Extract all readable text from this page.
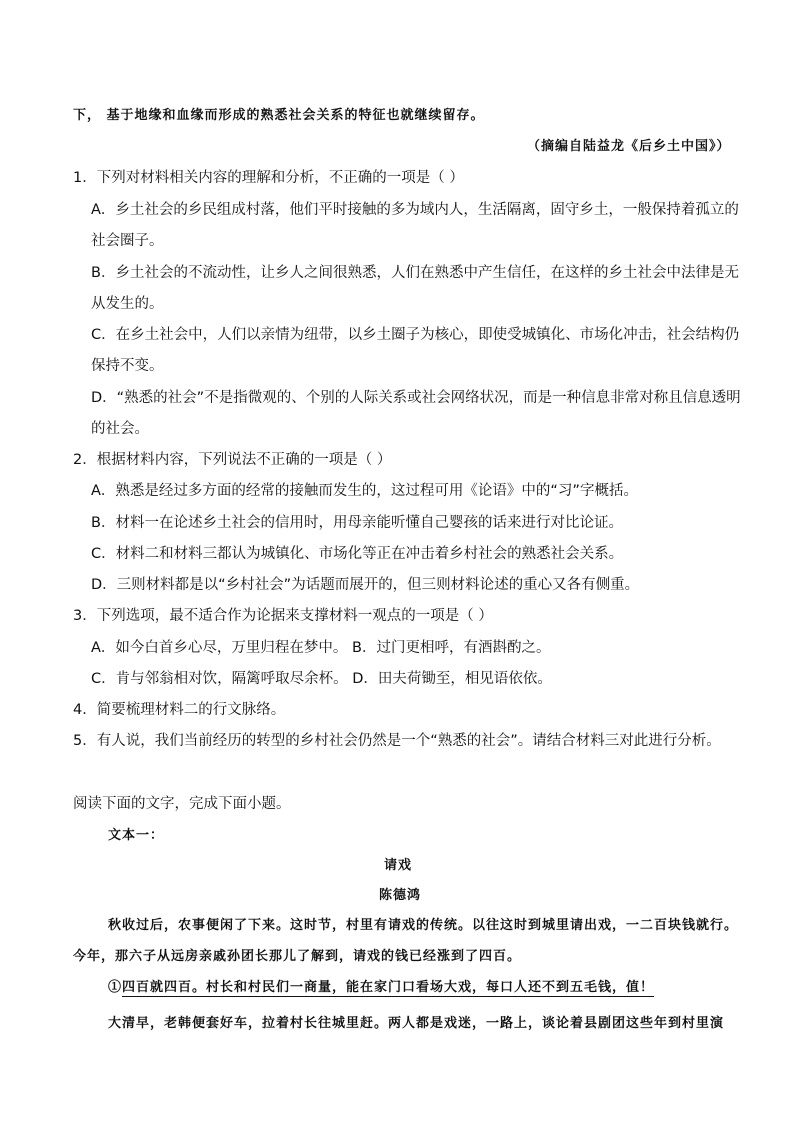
下， 基于地缘和血缘而形成的熟悉社会关系的特征也就继续留存。
（摘编自陆益龙《后乡土中国》）
1．下列对材料相关内容的理解和分析，不正确的一项是（ ）
A．乡土社会的乡民组成村落，他们平时接触的多为域内人，生活隔离，固守乡土，一般保持着孤立的
社会圈子。
B．乡土社会的不流动性，让乡人之间很熟悉，人们在熟悉中产生信任，在这样的乡土社会中法律是无
从发生的。
C．在乡土社会中，人们以亲情为纽带，以乡土圈子为核心，即使受城镇化、市场化冲击，社会结构仍
保持不变。
D．“熟悉的社会”不是指微观的、个别的人际关系或社会网络状况，而是一种信息非常对称且信息透明
的社会。
2．根据材料内容，下列说法不正确的一项是（ ）
A．熟悉是经过多方面的经常的接触而发生的，这过程可用《论语》中的“习”字概括。
B．材料一在论述乡土社会的信用时，用母亲能听懂自己婴孩的话来进行对比论证。
C．材料二和材料三都认为城镇化、市场化等正在冲击着乡村社会的熟悉社会关系。
D．三则材料都是以“乡村社会”为话题而展开的，但三则材料论述的重心又各有侧重。
3．下列选项，最不适合作为论据来支撑材料一观点的一项是（ ）
A．如今白首乡心尽，万里归程在梦中。 B．过门更相呼，有酒斟酌之。
C．肯与邻翁相对饮，隔篱呼取尽余杯。 D．田夫荷锄至，相见语依依。
4．简要梳理材料二的行文脉络。
5．有人说，我们当前经历的转型的乡村社会仍然是一个“熟悉的社会”。请结合材料三对此进行分析。
阅读下面的文字，完成下面小题。
文本一：
请戏
陈德鸿
秋收过后，农事便闲了下来。这时节，村里有请戏的传统。以往这时到城里请出戏，一二百块钱就行。
今年，那六子从远房亲戚孙团长那儿了解到，请戏的钱已经涨到了四百。
①四百就四百。村长和村民们一商量，能在家门口看场大戏，每口人还不到五毛钱，值！
大清早，老韩便套好车，拉着村长往城里赶。两人都是戏迷，一路上，谈论着县剧团这些年到村里演
